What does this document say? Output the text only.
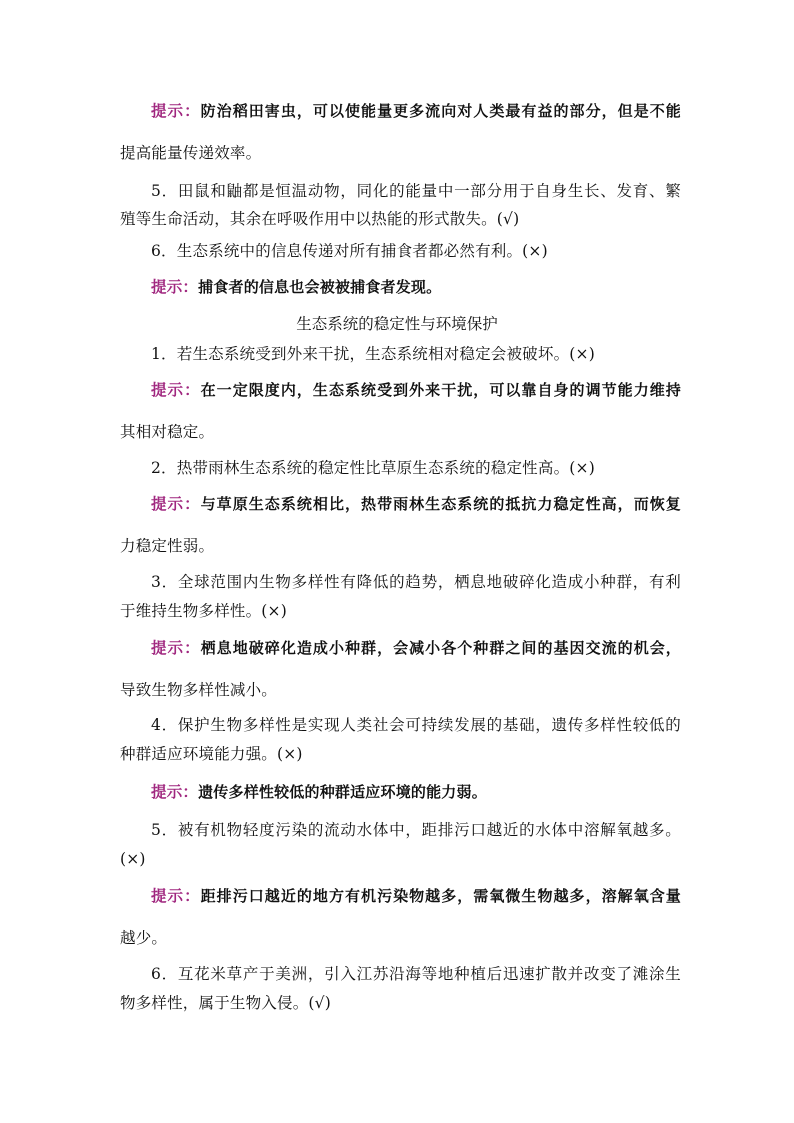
提示：防治稻田害虫，可以使能量更多流向对人类最有益的部分，但是不能
提高能量传递效率。
5．田鼠和鼬都是恒温动物，同化的能量中一部分用于自身生长、发育、繁
殖等生命活动，其余在呼吸作用中以热能的形式散失。(√)
6．生态系统中的信息传递对所有捕食者都必然有利。(×)
提示：捕食者的信息也会被被捕食者发现。
生态系统的稳定性与环境保护
1．若生态系统受到外来干扰，生态系统相对稳定会被破坏。(×)
提示：在一定限度内，生态系统受到外来干扰，可以靠自身的调节能力维持
其相对稳定。
2．热带雨林生态系统的稳定性比草原生态系统的稳定性高。(×)
提示：与草原生态系统相比，热带雨林生态系统的抵抗力稳定性高，而恢复
力稳定性弱。
3．全球范围内生物多样性有降低的趋势，栖息地破碎化造成小种群，有利
于维持生物多样性。(×)
提示：栖息地破碎化造成小种群，会减小各个种群之间的基因交流的机会，
导致生物多样性减小。
4．保护生物多样性是实现人类社会可持续发展的基础，遗传多样性较低的
种群适应环境能力强。(×)
提示：遗传多样性较低的种群适应环境的能力弱。
5．被有机物轻度污染的流动水体中，距排污口越近的水体中溶解氧越多。
(×)
提示：距排污口越近的地方有机污染物越多，需氧微生物越多，溶解氧含量
越少。
6．互花米草产于美洲，引入江苏沿海等地种植后迅速扩散并改变了滩涂生
物多样性，属于生物入侵。(√)
